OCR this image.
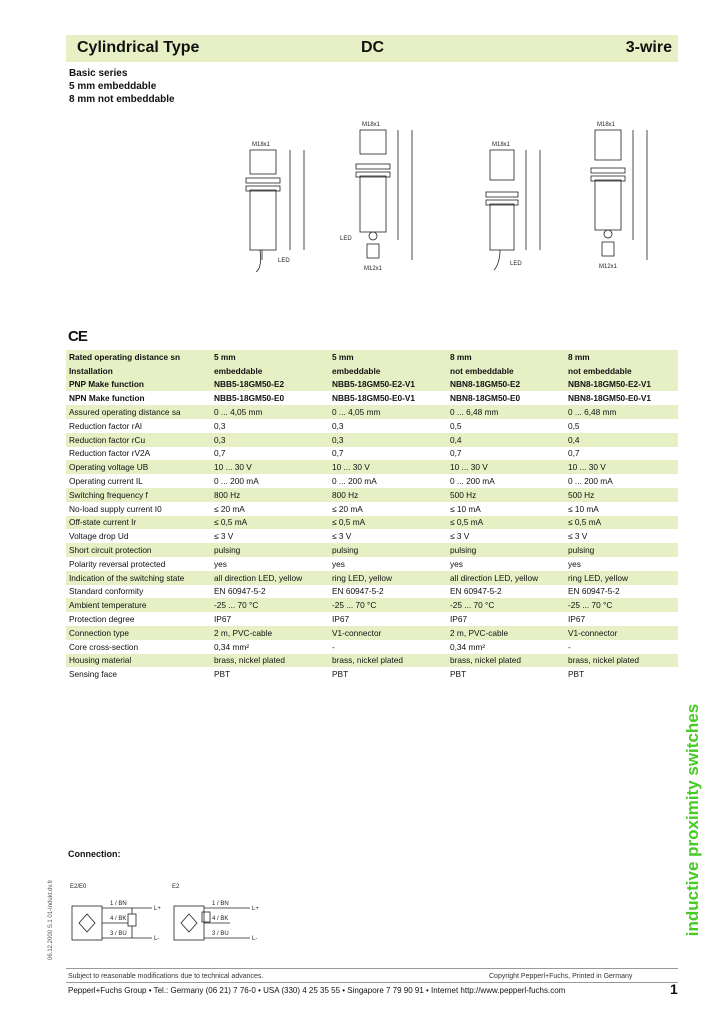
Cylindrical Type	DC	3-wire
Basic series
5 mm embeddable
8 mm not embeddable
M18x1
LED
M18x1
M12x1
LED
M18x1
LED
M18x1
M12x1
CE
Rated operating distance sn	5 mm	5 mm	8 mm	8 mm
Installation	embeddable	embeddable	not embeddable	not embeddable
PNP Make function	NBB5-18GM50-E2	NBB5-18GM50-E2-V1	NBN8-18GM50-E2	NBN8-18GM50-E2-V1
NPN Make function	NBB5-18GM50-E0	NBB5-18GM50-E0-V1	NBN8-18GM50-E0	NBN8-18GM50-E0-V1
Assured operating distance sa	0 ... 4,05 mm	0 ... 4,05 mm	0 ... 6,48 mm	0 ... 6,48 mm
Reduction factor rAl	0,3	0,3	0,5	0,5
Reduction factor rCu	0,3	0,3	0,4	0,4
Reduction factor rV2A	0,7	0,7	0,7	0,7
Operating voltage UB	10 ... 30 V	10 ... 30 V	10 ... 30 V	10 ... 30 V
Operating current IL	0 ... 200 mA	0 ... 200 mA	0 ... 200 mA	0 ... 200 mA
Switching frequency f	800 Hz	800 Hz	500 Hz	500 Hz
No-load supply current I0	≤ 20 mA	≤ 20 mA	≤ 10 mA	≤ 10 mA
Off-state current Ir	≤ 0,5 mA	≤ 0,5 mA	≤ 0,5 mA	≤ 0,5 mA
Voltage drop Ud	≤ 3 V	≤ 3 V	≤ 3 V	≤ 3 V
Short circuit protection	pulsing	pulsing	pulsing	pulsing
Polarity reversal protected	yes	yes	yes	yes
Indication of the switching state	all direction LED, yellow	ring LED, yellow	all direction LED, yellow	ring LED, yellow
Standard conformity	EN 60947-5-2	EN 60947-5-2	EN 60947-5-2	EN 60947-5-2
Ambient temperature	-25 ... 70 °C	-25 ... 70 °C	-25 ... 70 °C	-25 ... 70 °C
Protection degree	IP67	IP67	IP67	IP67
Connection type	2 m, PVC-cable	V1-connector	2 m, PVC-cable	V1-connector
Core cross-section	0,34 mm²	-	0,34 mm²	-
Housing material	brass, nickel plated	brass, nickel plated	brass, nickel plated	brass, nickel plated
Sensing face	PBT	PBT	PBT	PBT
inductive proximity switches
06.12.2000 S.1 01-Indukt.dv.fr
Connection:
E2/E0
1 / BN
4 / BK
3 / BU
L+
L-
E2
1 / BN
4 / BK
3 / BU
L+
L-
Subject to reasonable modifications due to technical advances.	Copyright Pepperl+Fuchs, Printed in Germany
Pepperl+Fuchs Group • Tel.: Germany (06 21) 7 76-0 • USA (330) 4 25 35 55 • Singapore 7 79 90 91 • Internet http://www.pepperl-fuchs.com	1
